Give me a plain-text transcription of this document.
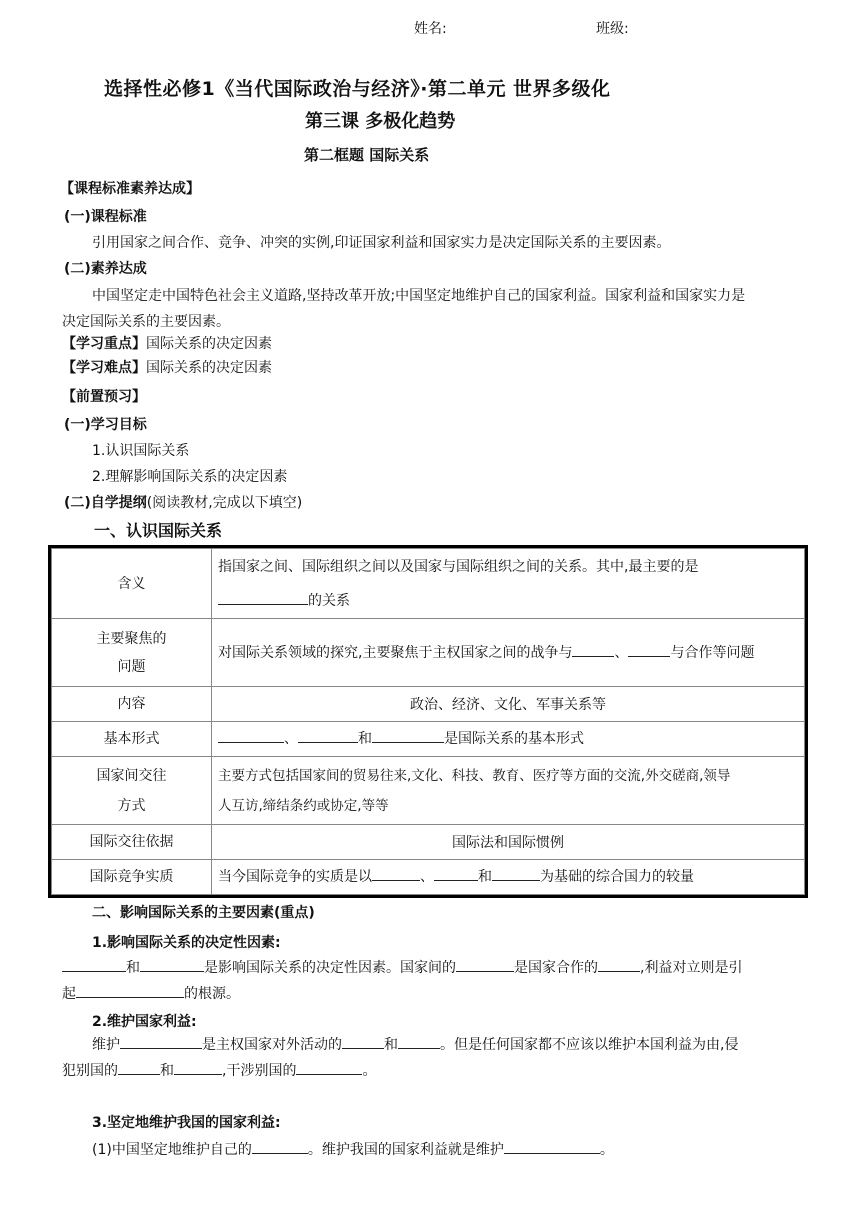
姓名:	班级:
选择性必修1《当代国际政治与经济》·第二单元 世界多级化
第三课 多极化趋势
第二框题 国际关系
【课程标准素养达成】
(一)课程标准
引用国家之间合作、竞争、冲突的实例,印证国家利益和国家实力是决定国际关系的主要因素。
(二)素养达成
中国坚定走中国特色社会主义道路,坚持改革开放;中国坚定地维护自己的国家利益。国家利益和国家实力是
决定国际关系的主要因素。
【学习重点】国际关系的决定因素
【学习难点】国际关系的决定因素
【前置预习】
(一)学习目标
1.认识国际关系
2.理解影响国际关系的决定因素
(二)自学提纲(阅读教材,完成以下填空)
一、认识国际关系
含义	指国家之间、国际组织之间以及国家与国际组织之间的关系。其中,最主要的是
的关系
主要聚焦的
问题	对国际关系领域的探究,主要聚焦于主权国家之间的战争与 、 与合作等问题
内容	政治、经济、文化、军事关系等
基本形式	、 和 是国际关系的基本形式
国家间交往
方式	主要方式包括国家间的贸易往来,文化、科技、教育、医疗等方面的交流,外交磋商,领导
人互访,缔结条约或协定,等等
国际交往依据	国际法和国际惯例
国际竞争实质	当今国际竞争的实质是以 、 和 为基础的综合国力的较量
二、影响国际关系的主要因素(重点)
1.影响国际关系的决定性因素:
和	是影响国际关系的决定性因素。国家间的	是国家合作的	,利益对立则是引
起	的根源。
2.维护国家利益:
维护	是主权国家对外活动的	和	。但是任何国家都不应该以维护本国利益为由,侵
犯别国的	和	,干涉别国的	。
3.坚定地维护我国的国家利益:
(1)中国坚定地维护自己的	。维护我国的国家利益就是维护	。
